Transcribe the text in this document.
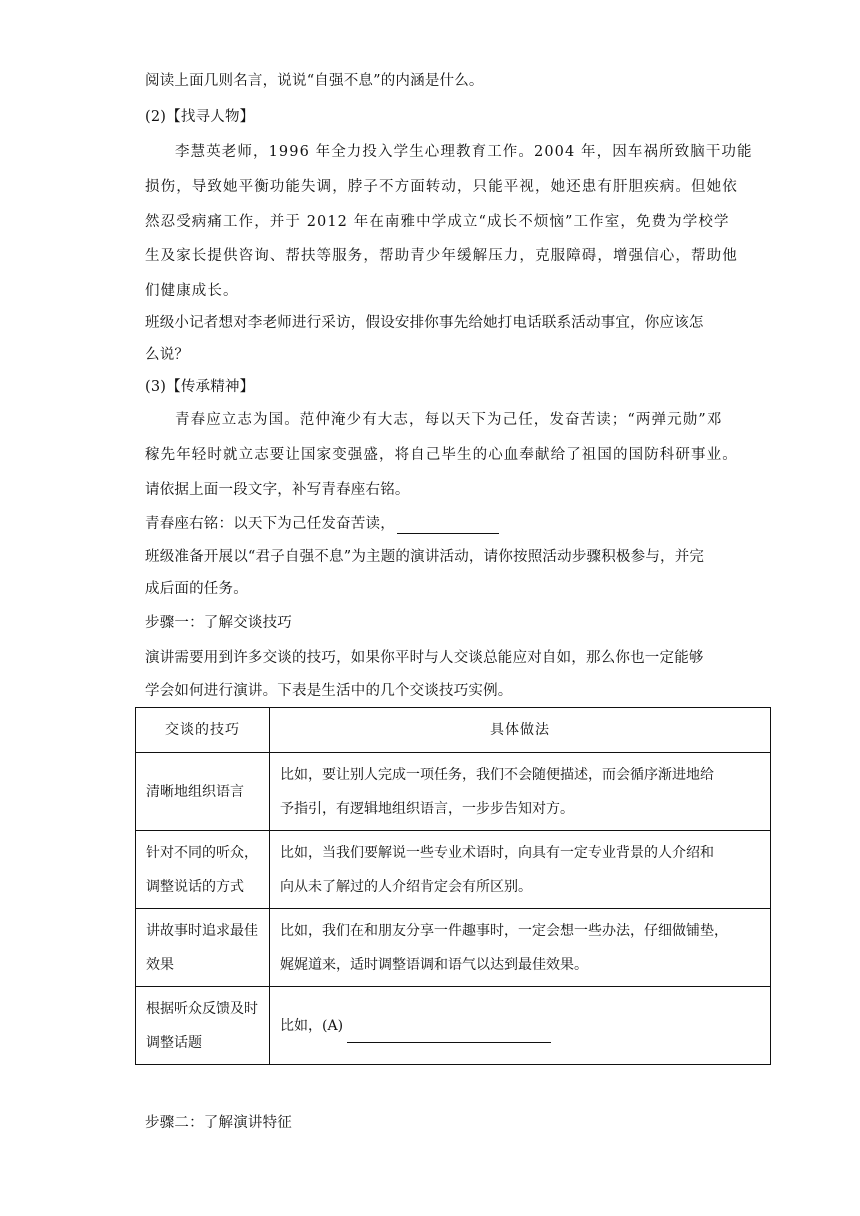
阅读上面几则名言，说说“自强不息”的内涵是什么。
(2)【找寻人物】
李慧英老师，1996 年全力投入学生心理教育工作。2004 年，因车祸所致脑干功能
损伤，导致她平衡功能失调，脖子不方面转动，只能平视，她还患有肝胆疾病。但她依
然忍受病痛工作，并于 2012 年在南雅中学成立“成长不烦恼”工作室，免费为学校学
生及家长提供咨询、帮扶等服务，帮助青少年缓解压力，克服障碍，增强信心，帮助他
们健康成长。
班级小记者想对李老师进行采访，假设安排你事先给她打电话联系活动事宜，你应该怎
么说？
(3)【传承精神】
青春应立志为国。范仲淹少有大志，每以天下为己任，发奋苦读；“两弹元勋”邓
稼先年轻时就立志要让国家变强盛，将自己毕生的心血奉献给了祖国的国防科研事业。
请依据上面一段文字，补写青春座右铭。
青春座右铭：以天下为己任发奋苦读，
班级准备开展以“君子自强不息”为主题的演讲活动，请你按照活动步骤积极参与，并完
成后面的任务。
步骤一：了解交谈技巧
演讲需要用到许多交谈的技巧，如果你平时与人交谈总能应对自如，那么你也一定能够
学会如何进行演讲。下表是生活中的几个交谈技巧实例。
交谈的技巧	具体做法
清晰地组织语言	比如，要让别人完成一项任务，我们不会随便描述，而会循序渐进地给
予指引，有逻辑地组织语言，一步步告知对方。
针对不同的听众，
调整说话的方式	比如，当我们要解说一些专业术语时，向具有一定专业背景的人介绍和
向从未了解过的人介绍肯定会有所区别。
讲故事时追求最佳
效果	比如，我们在和朋友分享一件趣事时，一定会想一些办法，仔细做铺垫，
娓娓道来，适时调整语调和语气以达到最佳效果。
根据听众反馈及时
调整话题	比如，(A)
步骤二：了解演讲特征
